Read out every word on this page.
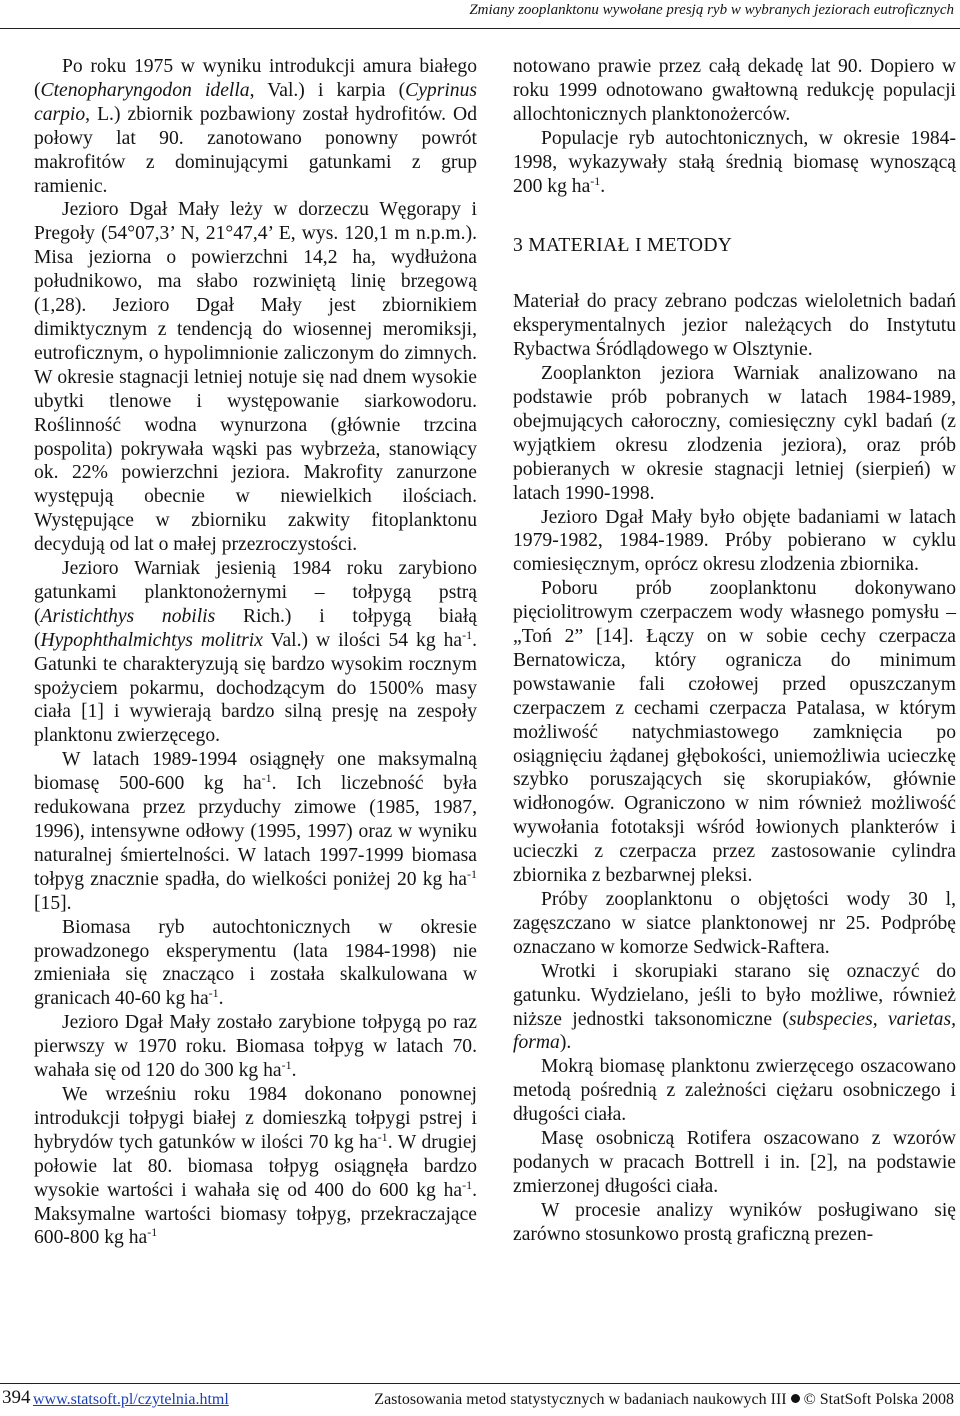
Zmiany zooplanktonu wywołane presją ryb w wybranych jeziorach eutroficznych

Po roku 1975 w wyniku introdukcji amura białego (Ctenopharyngodon idella, Val.) i karpia (Cyprinus carpio, L.) zbiornik pozbawiony został hydrofitów. Od połowy lat 90. zanotowano ponowny powrót makrofitów z dominującymi gatunkami z grup ramienic.

Jezioro Dgał Mały leży w dorzeczu Węgorapy i Pregoły (54°07,3’ N, 21°47,4’ E, wys. 120,1 m n.p.m.). Misa jeziorna o powierzchni 14,2 ha, wydłużona południkowo, ma słabo rozwiniętą linię brzegową (1,28). Jezioro Dgał Mały jest zbiornikiem dimiktycznym z tendencją do wiosennej meromiksji, eutroficznym, o hypolimnionie zaliczonym do zimnych. W okresie stagnacji letniej notuje się nad dnem wysokie ubytki tlenowe i występowanie siarkowodoru. Roślinność wodna wynurzona (głównie trzcina pospolita) pokrywała wąski pas wybrzeża, stanowiący ok. 22% powierzchni jeziora. Makrofity zanurzone występują obecnie w niewielkich ilościach. Występujące w zbiorniku zakwity fitoplanktonu decydują od lat o małej przezroczystości.

Jezioro Warniak jesienią 1984 roku zarybiono gatunkami planktonożernymi – tołpygą pstrą (Aristichthys nobilis Rich.) i tołpygą białą (Hypophthalmichtys molitrix Val.) w ilości 54 kg $ha^{-1}$. Gatunki te charakteryzują się bardzo wysokim rocznym spożyciem pokarmu, dochodzącym do 1500% masy ciała [1] i wywierają bardzo silną presję na zespoły planktonu zwierzęcego.

W latach 1989-1994 osiągnęły one maksymalną biomasę 500-600 kg $ha^{-1}$. Ich liczebność była redukowana przez przyduchy zimowe (1985, 1987, 1996), intensywne odłowy (1995, 1997) oraz w wyniku naturalnej śmiertelności. W latach 1997-1999 biomasa tołpyg znacznie spadła, do wielkości poniżej 20 kg $ha^{-1}$ [15].

Biomasa ryb autochtonicznych w okresie prowadzonego eksperymentu (lata 1984-1998) nie zmieniała się znacząco i została skalkulowana w granicach 40-60 kg $ha^{-1}$.

Jezioro Dgał Mały zostało zarybione tołpygą po raz pierwszy w 1970 roku. Biomasa tołpyg w latach 70. wahała się od 120 do 300 kg $ha^{-1}$.

We wrześniu roku 1984 dokonano ponownej introdukcji tołpygi białej z domieszką tołpygi pstrej i hybrydów tych gatunków w ilości 70 kg $ha^{-1}$. W drugiej połowie lat 80. biomasa tołpyg osiągnęła bardzo wysokie wartości i wahała się od 400 do 600 kg $ha^{-1}$. Maksymalne wartości biomasy tołpyg, przekraczające 600-800 kg $ha^{-1}$

notowano prawie przez całą dekadę lat 90. Dopiero w roku 1999 odnotowano gwałtowną redukcję populacji allochtonicznych planktonożerców.

Populacje ryb autochtonicznych, w okresie 1984-1998, wykazywały stałą średnią biomasę wynoszącą 200 kg $ha^{-1}$.

3 MATERIAŁ I METODY

Materiał do pracy zebrano podczas wieloletnich badań eksperymentalnych jezior należących do Instytutu Rybactwa Śródlądowego w Olsztynie.

Zooplankton jeziora Warniak analizowano na podstawie prób pobranych w latach 1984-1989, obejmujących całoroczny, comiesięczny cykl badań (z wyjątkiem okresu zlodzenia jeziora), oraz prób pobieranych w okresie stagnacji letniej (sierpień) w latach 1990-1998.

Jezioro Dgał Mały było objęte badaniami w latach 1979-1982, 1984-1989. Próby pobierano w cyklu comiesięcznym, oprócz okresu zlodzenia zbiornika.

Poboru prób zooplanktonu dokonywano pięciolitrowym czerpaczem wody własnego pomysłu – „Toń 2” [14]. Łączy on w sobie cechy czerpacza Bernatowicza, który ogranicza do minimum powstawanie fali czołowej przed opuszczanym czerpaczem z cechami czerpacza Patalasa, w którym możliwość natychmiastowego zamknięcia po osiągnięciu żądanej głębokości, uniemożliwia ucieczkę szybko poruszających się skorupiaków, głównie widłonogów. Ograniczono w nim również możliwość wywołania fototaksji wśród łowionych plankterów i ucieczki z czerpacza przez zastosowanie cylindra zbiornika z bezbarwnej pleksi.

Próby zooplanktonu o objętości wody 30 l, zagęszczano w siatce planktonowej nr 25. Podpróbę oznaczano w komorze Sedwick-Raftera.

Wrotki i skorupiaki starano się oznaczyć do gatunku. Wydzielano, jeśli to było możliwe, również niższe jednostki taksonomiczne (subspecies, varietas, forma).

Mokrą biomasę planktonu zwierzęcego oszacowano metodą pośrednią z zależności ciężaru osobniczego i długości ciała.

Masę osobniczą Rotifera oszacowano z wzorów podanych w pracach Bottrell i in. [2], na podstawie zmierzonej długości ciała.

W procesie analizy wyników posługiwano się zarówno stosunkowo prostą graficzną prezen-

394 www.statsoft.pl/czytelnia.html	Zastosowania metod statystycznych w badaniach naukowych III © StatSoft Polska 2008
